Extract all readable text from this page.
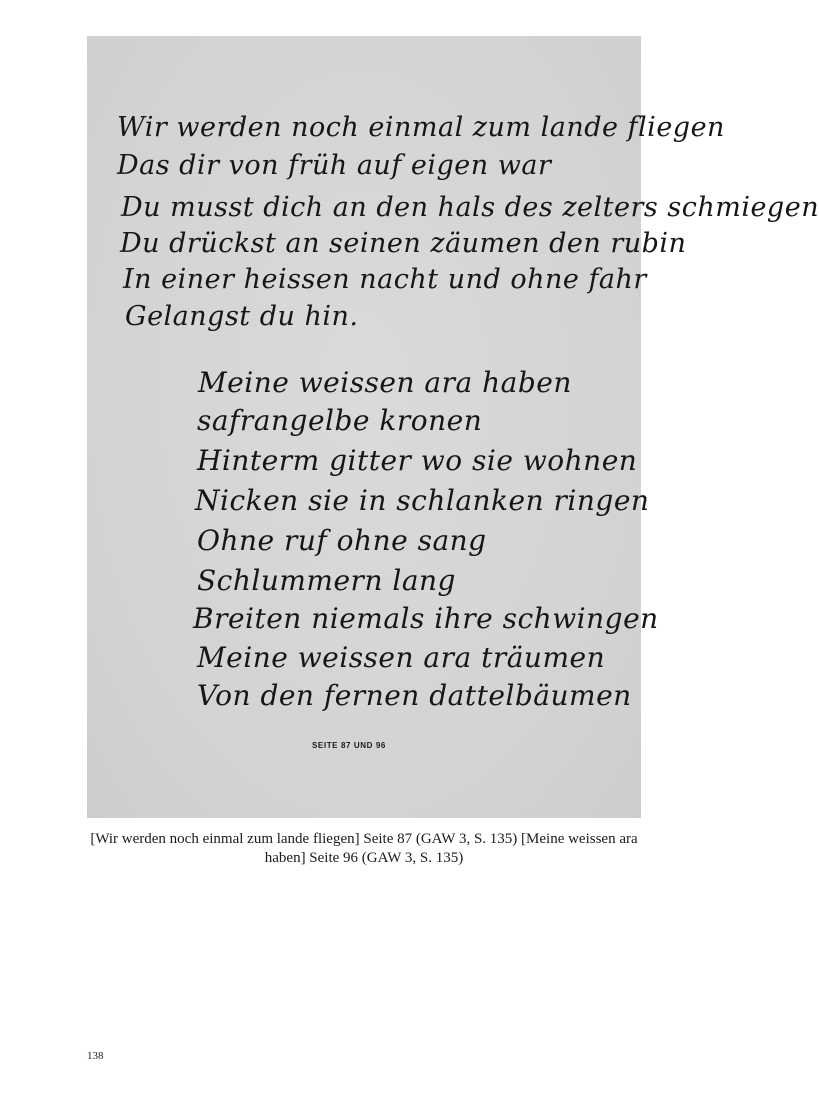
Wir werden noch einmal zum lande fliegen

Das dir von früh auf eigen war

Du musst dich an den hals des zelters schmiegen

Du drückst an seinen zäumen den rubin

In einer heissen nacht und ohne fahr

Gelangst du hin.

Meine weissen ara haben

safrangelbe kronen

Hinterm gitter wo sie wohnen

Nicken sie in schlanken ringen

Ohne ruf ohne sang

Schlummern lang

Breiten niemals ihre schwingen

Meine weissen ara träumen

Von den fernen dattelbäumen

SEITE 87 UND 96

[Wir werden noch einmal zum lande fliegen] Seite 87 (GAW 3, S. 135) [Meine weissen ara haben] Seite 96 (GAW 3, S. 135)

138
